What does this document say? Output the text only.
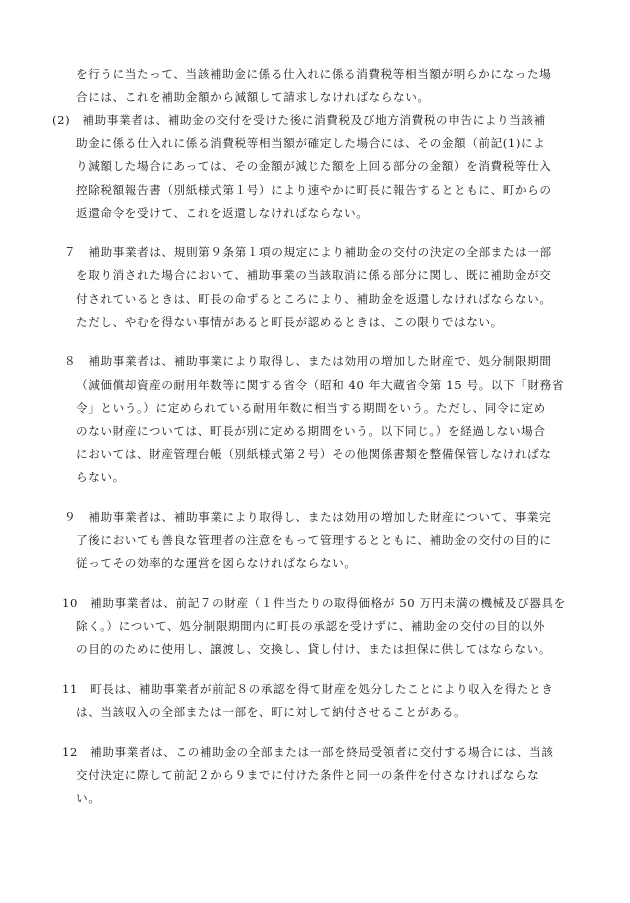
を行うに当たって、当該補助金に係る仕入れに係る消費税等相当額が明らかになった場
合には、これを補助金額から減額して請求しなければならない。
(2)　補助事業者は、補助金の交付を受けた後に消費税及び地方消費税の申告により当該補
助金に係る仕入れに係る消費税等相当額が確定した場合には、その金額（前記(1)によ
り減額した場合にあっては、その金額が減じた額を上回る部分の金額）を消費税等仕入
控除税額報告書（別紙様式第１号）により速やかに町長に報告するとともに、町からの
返還命令を受けて、これを返還しなければならない。
７　補助事業者は、規則第９条第１項の規定により補助金の交付の決定の全部または一部
を取り消された場合において、補助事業の当該取消に係る部分に関し、既に補助金が交
付されているときは、町長の命ずるところにより、補助金を返還しなければならない。
ただし、やむを得ない事情があると町長が認めるときは、この限りではない。
８　補助事業者は、補助事業により取得し、または効用の増加した財産で、処分制限期間
（減価償却資産の耐用年数等に関する省令（昭和 40 年大蔵省令第 15 号。以下「財務省
令」という。）に定められている耐用年数に相当する期間をいう。ただし、同令に定め
のない財産については、町長が別に定める期間をいう。以下同じ。）を経過しない場合
においては、財産管理台帳（別紙様式第２号）その他関係書類を整備保管しなければな
らない。
９　補助事業者は、補助事業により取得し、または効用の増加した財産について、事業完
了後においても善良な管理者の注意をもって管理するとともに、補助金の交付の目的に
従ってその効率的な運営を図らなければならない。
10　補助事業者は、前記７の財産（１件当たりの取得価格が 50 万円未満の機械及び器具を
除く。）について、処分制限期間内に町長の承認を受けずに、補助金の交付の目的以外
の目的のために使用し、譲渡し、交換し、貸し付け、または担保に供してはならない。
11　町長は、補助事業者が前記８の承認を得て財産を処分したことにより収入を得たとき
は、当該収入の全部または一部を、町に対して納付させることがある。
12　補助事業者は、この補助金の全部または一部を終局受領者に交付する場合には、当該
交付決定に際して前記２から９までに付けた条件と同一の条件を付さなければならな
い。
